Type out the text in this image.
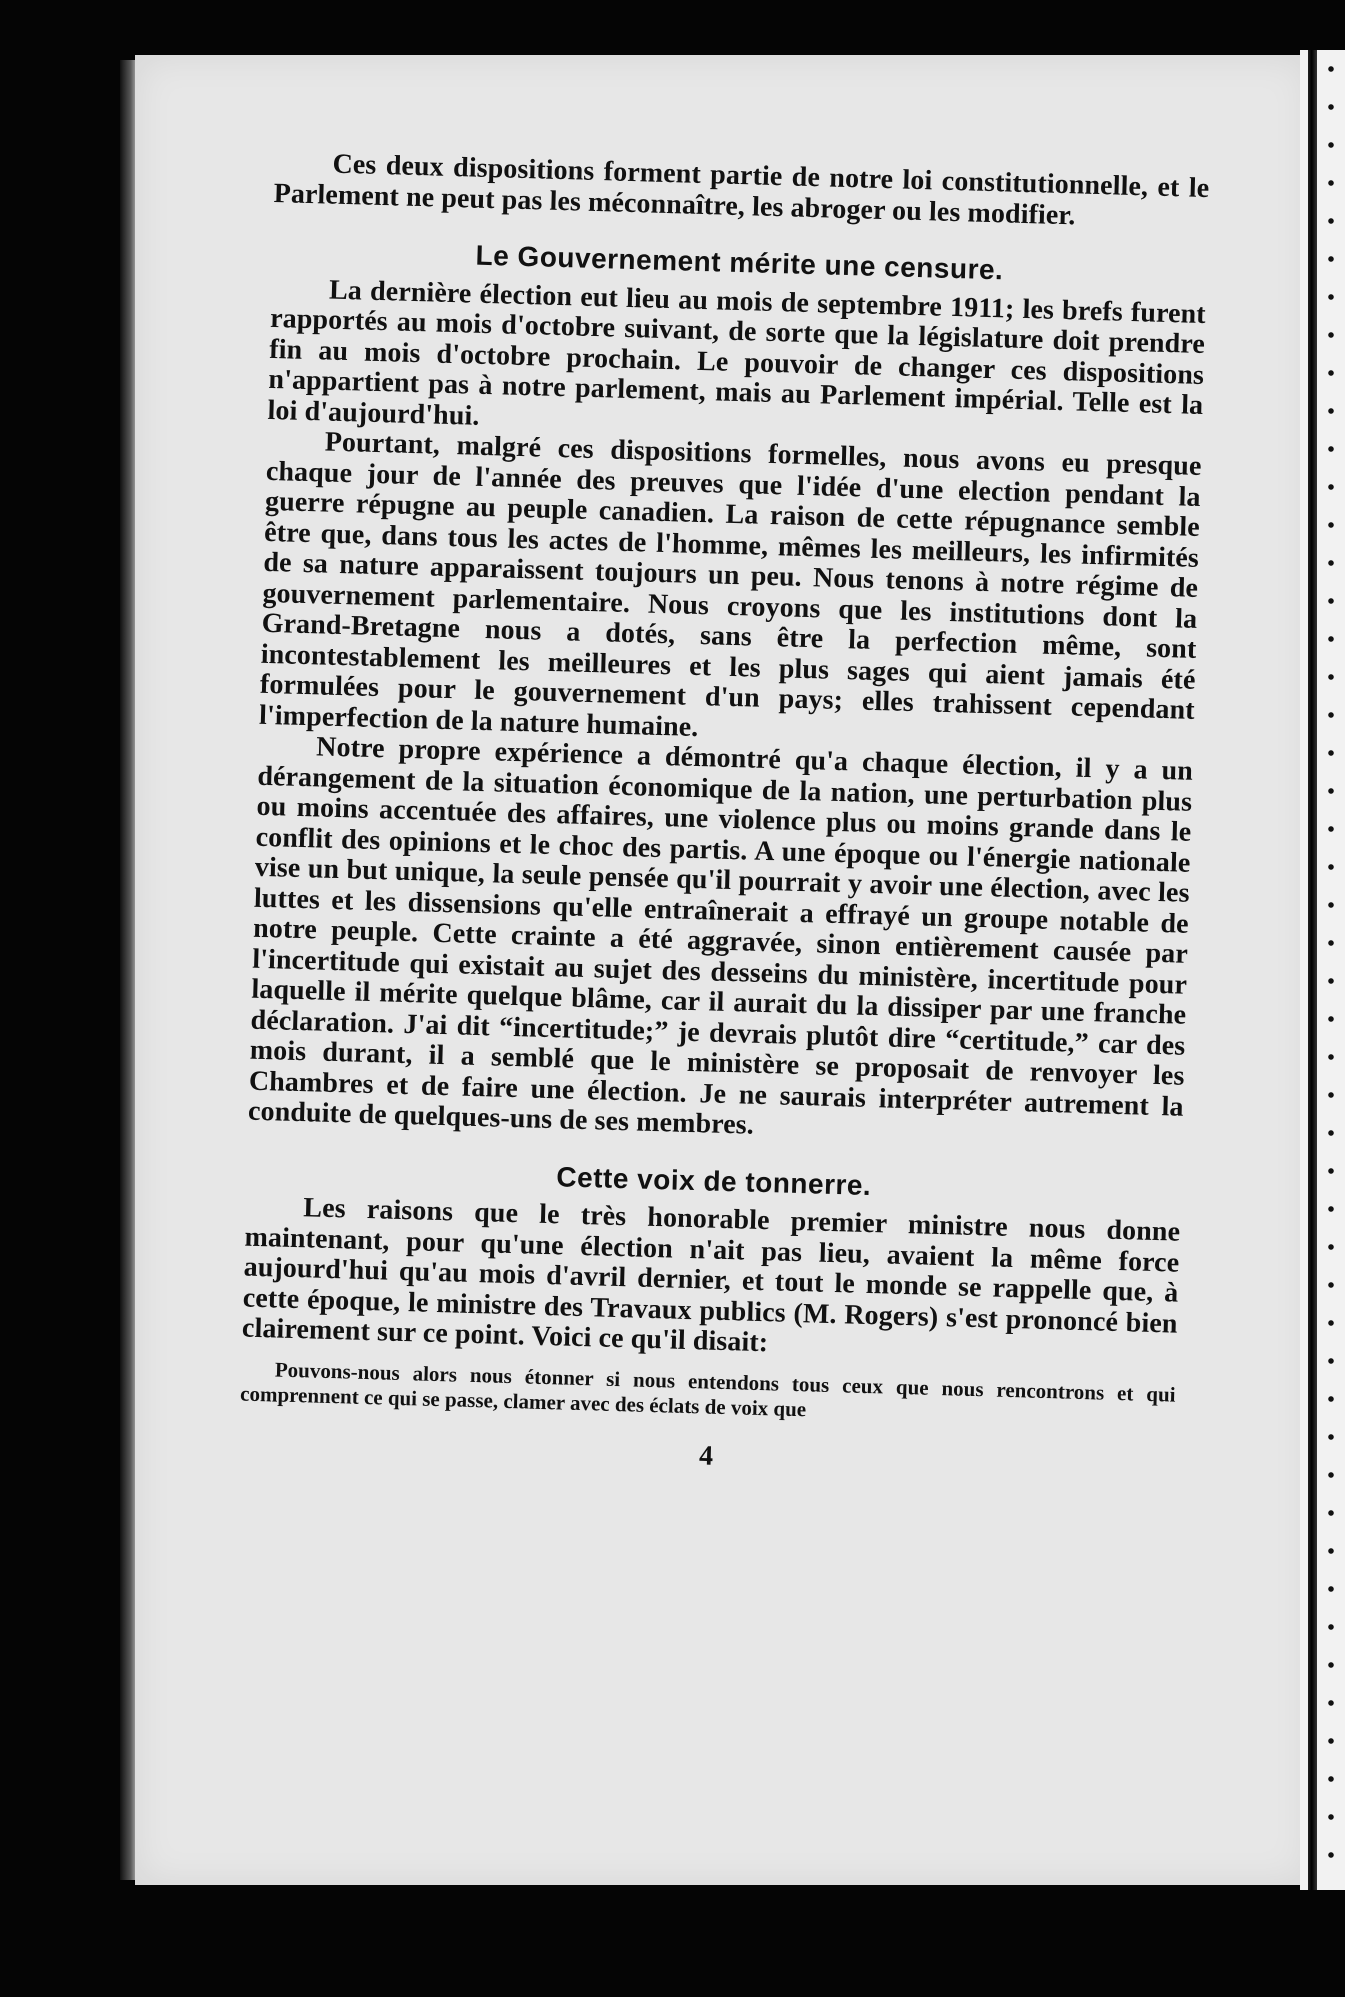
Ces deux dispositions forment partie de notre loi constitutionnelle, et le Parlement ne peut pas les méconnaître, les abroger ou les modifier.

Le Gouvernement mérite une censure.

La dernière élection eut lieu au mois de septembre 1911; les brefs furent rapportés au mois d'octobre suivant, de sorte que la législature doit prendre fin au mois d'octobre prochain. Le pouvoir de changer ces dispositions n'appartient pas à notre parlement, mais au Parlement impérial. Telle est la loi d'aujourd'hui.

Pourtant, malgré ces dispositions formelles, nous avons eu presque chaque jour de l'année des preuves que l'idée d'une election pendant la guerre répugne au peuple canadien. La raison de cette répugnance semble être que, dans tous les actes de l'homme, mêmes les meilleurs, les infirmités de sa nature apparaissent toujours un peu. Nous tenons à notre régime de gouvernement parlementaire. Nous croyons que les institutions dont la Grand-Bretagne nous a dotés, sans être la perfection même, sont incontestablement les meilleures et les plus sages qui aient jamais été formulées pour le gouvernement d'un pays; elles trahissent cependant l'imperfection de la nature humaine.

Notre propre expérience a démontré qu'a chaque élection, il y a un dérangement de la situation économique de la nation, une perturbation plus ou moins accentuée des affaires, une violence plus ou moins grande dans le conflit des opinions et le choc des partis. A une époque ou l'énergie nationale vise un but unique, la seule pensée qu'il pourrait y avoir une élection, avec les luttes et les dissensions qu'elle entraînerait a effrayé un groupe notable de notre peuple. Cette crainte a été aggravée, sinon entièrement causée par l'incertitude qui existait au sujet des desseins du ministère, incertitude pour laquelle il mérite quelque blâme, car il aurait du la dissiper par une franche déclaration. J'ai dit “incertitude;” je devrais plutôt dire “certitude,” car des mois durant, il a semblé que le ministère se proposait de renvoyer les Chambres et de faire une élection. Je ne saurais interpréter autrement la conduite de quelques-uns de ses membres.

Cette voix de tonnerre.

Les raisons que le très honorable premier ministre nous donne maintenant, pour qu'une élection n'ait pas lieu, avaient la même force aujourd'hui qu'au mois d'avril dernier, et tout le monde se rappelle que, à cette époque, le ministre des Travaux publics (M. Rogers) s'est prononcé bien clairement sur ce point. Voici ce qu'il disait:

Pouvons-nous alors nous étonner si nous entendons tous ceux que nous rencontrons et qui comprennent ce qui se passe, clamer avec des éclats de voix que

4
